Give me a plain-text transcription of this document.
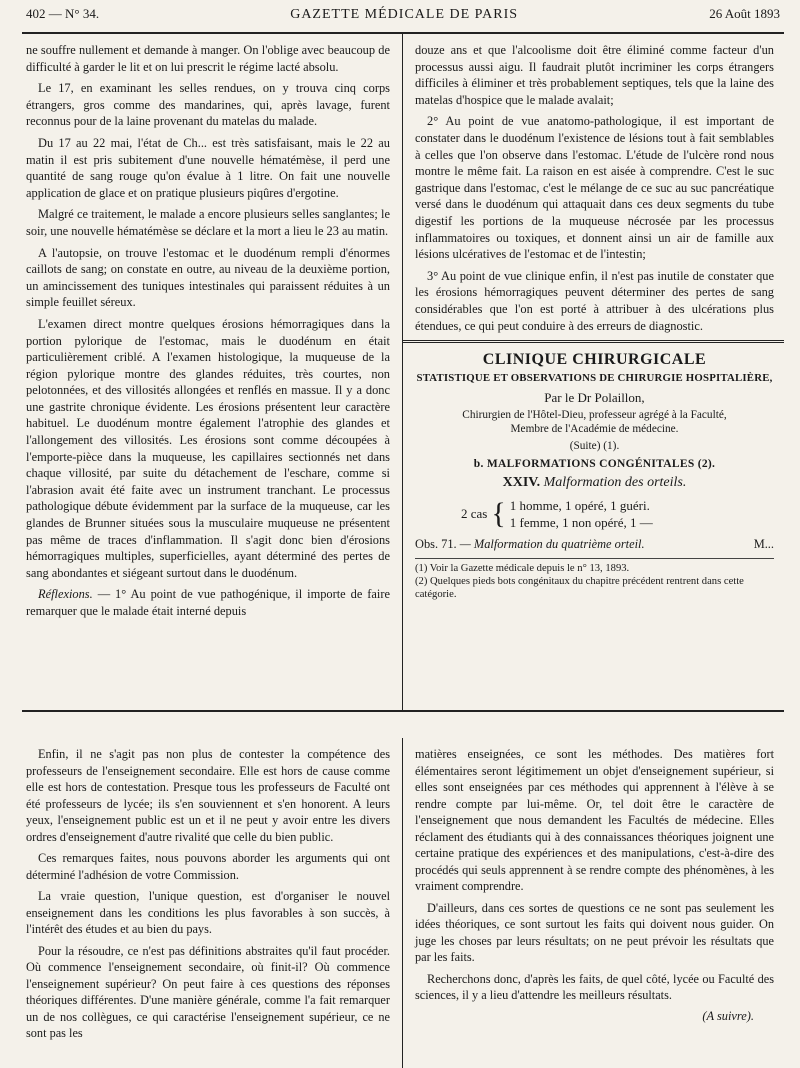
402 — N° 34.	GAZETTE MÉDICALE DE PARIS	26 Août 1893

ne souffre nullement et demande à manger. On l'oblige avec beaucoup de difficulté à garder le lit et on lui prescrit le régime lacté absolu.

Le 17, en examinant les selles rendues, on y trouva cinq corps étrangers, gros comme des mandarines, qui, après lavage, furent reconnus pour de la laine provenant du matelas du malade.

Du 17 au 22 mai, l'état de Ch... est très satisfaisant, mais le 22 au matin il est pris subitement d'une nouvelle hématémèse, il perd une quantité de sang rouge qu'on évalue à 1 litre. On fait une nouvelle application de glace et on pratique plusieurs piqûres d'ergotine.

Malgré ce traitement, le malade a encore plusieurs selles sanglantes; le soir, une nouvelle hématémèse se déclare et la mort a lieu le 23 au matin.

A l'autopsie, on trouve l'estomac et le duodénum rempli d'énormes caillots de sang; on constate en outre, au niveau de la deuxième portion, un amincissement des tuniques intestinales qui paraissent réduites à un simple feuillet séreux.

L'examen direct montre quelques érosions hémorragiques dans la portion pylorique de l'estomac, mais le duodénum en était particulièrement criblé. A l'examen histologique, la muqueuse de la région pylorique montre des glandes réduites, très courtes, non pelotonnées, et des villosités allongées et renflés en massue. Il y a donc une gastrite chronique évidente. Les érosions présentent leur caractère habituel. Le duodénum montre également l'atrophie des glandes et l'allongement des villosités. Les érosions sont comme découpées à l'emporte-pièce dans la muqueuse, les capillaires sectionnés net dans chaque villosité, par suite du détachement de l'eschare, comme si l'abrasion avait été faite avec un instrument tranchant. Le processus pathologique débute évidemment par la surface de la muqueuse, car les glandes de Brunner situées sous la musculaire muqueuse ne présentent pas même de traces d'inflammation. Il s'agit donc bien d'érosions hémorragiques multiples, superficielles, ayant déterminé des pertes de sang abondantes et siégeant surtout dans le duodénum.

Réflexions. — 1° Au point de vue pathogénique, il importe de faire remarquer que le malade était interné depuis

douze ans et que l'alcoolisme doit être éliminé comme facteur d'un processus aussi aigu. Il faudrait plutôt incriminer les corps étrangers difficiles à éliminer et très probablement septiques, tels que la laine des matelas d'hospice que le malade avalait;

2° Au point de vue anatomo-pathologique, il est important de constater dans le duodénum l'existence de lésions tout à fait semblables à celles que l'on observe dans l'estomac. L'étude de l'ulcère rond nous montre le même fait. La raison en est aisée à comprendre. C'est le suc gastrique dans l'estomac, c'est le mélange de ce suc au suc pancréatique versé dans le duodénum qui attaquait dans ces deux segments du tube digestif les portions de la muqueuse nécrosée par les processus inflammatoires ou toxiques, et donnent ainsi un air de famille aux lésions ulcératives de l'estomac et de l'intestin;

3° Au point de vue clinique enfin, il n'est pas inutile de constater que les érosions hémorragiques peuvent déterminer des pertes de sang considérables que l'on est porté à attribuer à des ulcérations plus étendues, ce qui peut conduire à des erreurs de diagnostic.

CLINIQUE CHIRURGICALE
STATISTIQUE ET OBSERVATIONS DE CHIRURGIE HOSPITALIÈRE,
Par le Dr Polaillon,
Chirurgien de l'Hôtel-Dieu, professeur agrégé à la Faculté,
Membre de l'Académie de médecine.
(Suite) (1).
b. MALFORMATIONS CONGÉNITALES (2).
XXIV. Malformation des orteils.
2 cas { 1 homme, 1 opéré, 1 guéri.
1 femme, 1 non opéré, 1 —
Obs. 71. — Malformation du quatrième orteil.	M...
(1) Voir la Gazette médicale depuis le n° 13, 1893.
(2) Quelques pieds bots congénitaux du chapitre précédent rentrent dans cette catégorie.

Enfin, il ne s'agit pas non plus de contester la compétence des professeurs de l'enseignement secondaire. Elle est hors de cause comme elle est hors de contestation. Presque tous les professeurs de Faculté ont été professeurs de lycée; ils s'en souviennent et s'en honorent. A leurs yeux, l'enseignement public est un et il ne peut y avoir entre les divers ordres d'enseignement d'autre rivalité que celle du bien public.

Ces remarques faites, nous pouvons aborder les arguments qui ont déterminé l'adhésion de votre Commission.

La vraie question, l'unique question, est d'organiser le nouvel enseignement dans les conditions les plus favorables à son succès, à l'intérêt des études et au bien du pays.

Pour la résoudre, ce n'est pas définitions abstraites qu'il faut procéder. Où commence l'enseignement secondaire, où finit-il? Où commence l'enseignement supérieur? On peut faire à ces questions des réponses théoriques différentes. D'une manière générale, comme l'a fait remarquer un de nos collègues, ce qui caractérise l'enseignement supérieur, ce ne sont pas les

matières enseignées, ce sont les méthodes. Des matières fort élémentaires seront légitimement un objet d'enseignement supérieur, si elles sont enseignées par ces méthodes qui apprennent à l'élève à se rendre compte par lui-même. Or, tel doit être le caractère de l'enseignement que nous demandent les Facultés de médecine. Elles réclament des étudiants qui à des connaissances théoriques joignent une certaine pratique des expériences et des manipulations, c'est-à-dire des procédés qui seuls apprennent à se rendre compte des phénomènes, à les vraiment comprendre.

D'ailleurs, dans ces sortes de questions ce ne sont pas seulement les idées théoriques, ce sont surtout les faits qui doivent nous guider. On juge les choses par leurs résultats; on ne peut prévoir les résultats que par les faits.

Recherchons donc, d'après les faits, de quel côté, lycée ou Faculté des sciences, il y a lieu d'attendre les meilleurs résultats.

(A suivre).
